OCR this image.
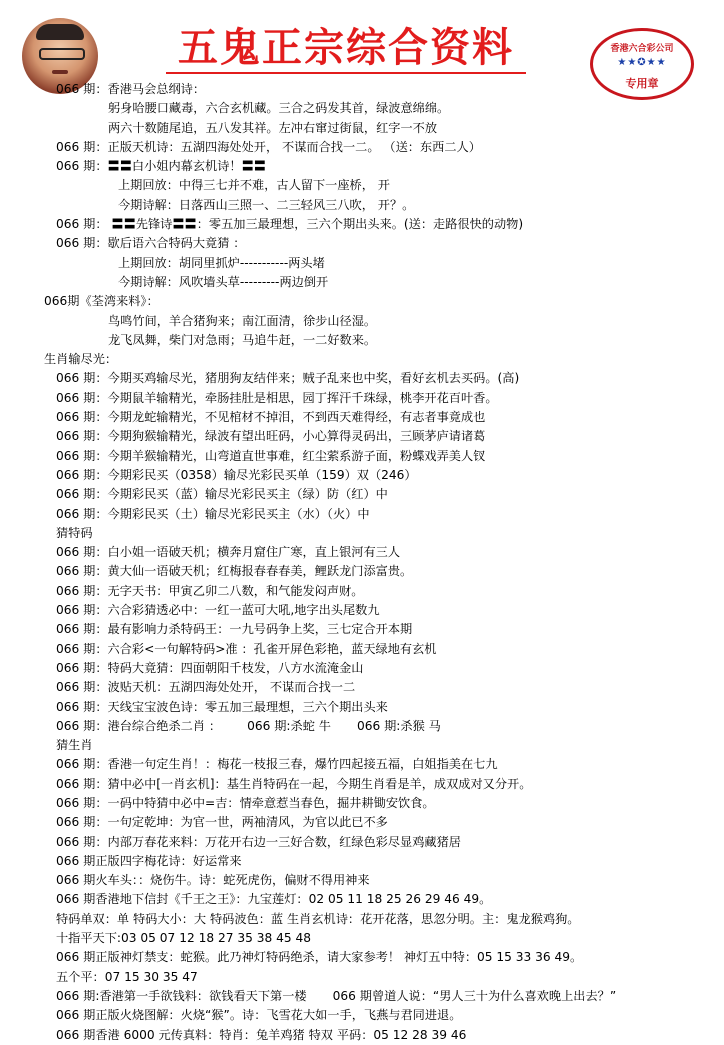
五鬼正宗综合资料	香港六合彩公司
★★✪★★
专用章
066 期：香港马会总纲诗：
躬身哈腰口藏毒，六合玄机藏。三合之码发其首，绿波意绵绵。
两六十数随尾追，五八发其祥。左冲右窜过街鼠，红字一不放
066 期：正版天机诗：五湖四海处处开， 不谋而合找一二。 （送：东西二人）
066 期：〓〓白小姐内幕玄机诗！〓〓
上期回放：中得三七并不难，古人留下一座桥， 开
今期诗解：日落西山三照一、二三轻风三八吹， 开？。
066 期： 〓〓先锋诗〓〓：零五加三最理想，三六个期出头来。(送：走路很快的动物)
066 期：歇后语六合特码大竟猜 ：
上期回放：胡同里抓炉-----------两头堵
今期诗解：风吹墙头草---------两边倒开
066期《荃湾来料》：
鸟鸣竹间，羊合猪狗来；南江面清，徐步山径湿。
龙飞凤舞，柴门对急雨；马追牛赶，一二好数来。
生肖输尽光：
066 期：今期买鸡输尽光，猪朋狗友结伴来；贼子乱来也中奖，看好玄机去买码。(高)
066 期：今期鼠羊输精光，牵肠挂肚是相思，园丁挥汗千珠绿，桃李开花百叶香。
066 期：今期龙蛇输精光，不见棺材不掉泪，不到西天难得经，有志者事竟成也
066 期：今期狗猴输精光，绿波有望出旺码，小心算得灵码出，三顾茅庐请诸葛
066 期：今期羊猴输精光，山弯道直世事难，红尘萦系游子面，粉蝶戏弄美人钗
066 期：今期彩民买（0358）输尽光彩民买单（159）双（246）
066 期：今期彩民买（蓝）输尽光彩民买主（绿）防（红）中
066 期：今期彩民买（土）输尽光彩民买主（水）（火）中
猜特码
066 期：白小姐一语破天机；横奔月窟住广寒，直上银河有三人
066 期：黄大仙一语破天机；红梅报春春春美，鲤跃龙门添富贵。
066 期：无字天书：甲寅乙卯二八数，和气能发闷声财。
066 期：六合彩猜透必中：一红一蓝可大吼,地字出头尾数九
066 期：最有影响力杀特码王：一九号码争上奖，三七定合开本期
066 期：六合彩<一句解特码>准 ：孔雀开屏色彩艳，蓝天绿地有玄机
066 期：特码大竟猜：四面朝阳千枝发，八方水流淹金山
066 期：波贴天机：五湖四海处处开， 不谋而合找一二
066 期：天线宝宝波色诗：零五加三最理想，三六个期出头来
066 期：港台综合绝杀二肖 ： 066 期:杀蛇 牛 066 期:杀猴 马
猜生肖
066 期：香港一句定生肖！：梅花一枝报三春，爆竹四起接五福，白姐指美在七九
066 期：猜中必中[一肖玄机]：基生肖特码在一起，今期生肖看是羊，成双成对又分开。
066 期：一码中特猜中必中=吉：情牵意惹当春色，掘井耕锄安饮食。
066 期：一句定乾坤：为官一世，两袖清风，为官以此已不多
066 期：内部万春花来料：万花开右边一三好合数，红绿色彩尽显鸡藏猪居
066 期正版四字梅花诗：好运常来
066 期火车头：：烧伤牛。诗：蛇死虎伤，偏财不得用神来
066 期香港地下信封《千王之王》：九宝莲灯：02 05 11 18 25 26 29 46 49。
特码单双：单 特码大小：大 特码波色：蓝 生肖玄机诗：花开花落，思忽分明。主：鬼龙猴鸡狗。
十指平天下:03 05 07 12 18 27 35 38 45 48
066 期正版神灯禁支：蛇猴。此乃神灯特码绝杀，请大家参考！ 神灯五中特：05 15 33 36 49。
五个平：07 15 30 35 47
066 期:香港第一手欲钱料：欲钱看天下第一楼 066 期曾道人说：“男人三十为什么喜欢晚上出去？”
066 期正版火烧图解：火烧“猴”。诗：飞雪花大如一手，飞燕与君同进退。
066 期香港 6000 元传真料：特肖：兔羊鸡猪 特双 平码：05 12 28 39 46
